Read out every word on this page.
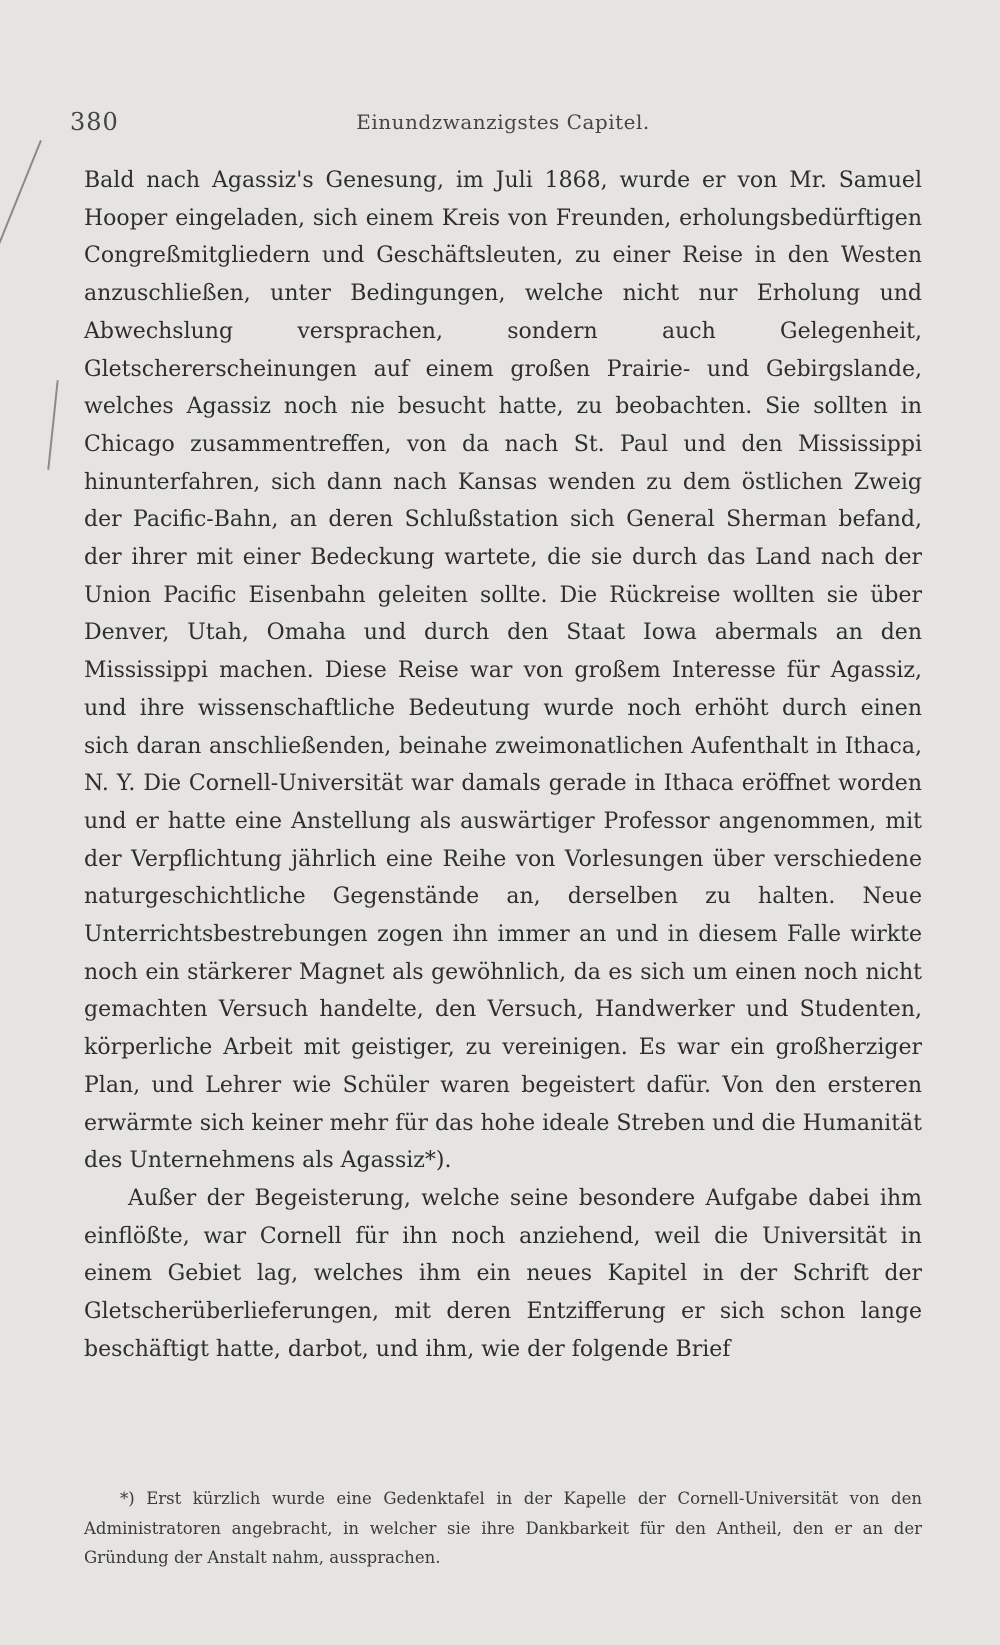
380	Einundzwanzigstes Capitel.

Bald nach Agassiz's Genesung, im Juli 1868, wurde er von Mr. Samuel Hooper eingeladen, sich einem Kreis von Freunden, erholungsbedürftigen Congreßmitgliedern und Geschäftsleuten, zu einer Reise in den Westen anzuschließen, unter Bedingungen, welche nicht nur Erholung und Abwechslung versprachen, sondern auch Gelegenheit, Gletschererscheinungen auf einem großen Prairie- und Gebirgslande, welches Agassiz noch nie besucht hatte, zu beobachten. Sie sollten in Chicago zusammentreffen, von da nach St. Paul und den Mississippi hinunterfahren, sich dann nach Kansas wenden zu dem östlichen Zweig der Pacific-Bahn, an deren Schlußstation sich General Sherman befand, der ihrer mit einer Bedeckung wartete, die sie durch das Land nach der Union Pacific Eisenbahn geleiten sollte. Die Rückreise wollten sie über Denver, Utah, Omaha und durch den Staat Iowa abermals an den Mississippi machen. Diese Reise war von großem Interesse für Agassiz, und ihre wissenschaftliche Bedeutung wurde noch erhöht durch einen sich daran anschließenden, beinahe zweimonatlichen Aufenthalt in Ithaca, N. Y. Die Cornell-Universität war damals gerade in Ithaca eröffnet worden und er hatte eine Anstellung als auswärtiger Professor angenommen, mit der Verpflichtung jährlich eine Reihe von Vorlesungen über verschiedene naturgeschichtliche Gegenstände an, derselben zu halten. Neue Unterrichtsbestrebungen zogen ihn immer an und in diesem Falle wirkte noch ein stärkerer Magnet als gewöhnlich, da es sich um einen noch nicht gemachten Versuch handelte, den Versuch, Handwerker und Studenten, körperliche Arbeit mit geistiger, zu vereinigen. Es war ein großherziger Plan, und Lehrer wie Schüler waren begeistert dafür. Von den ersteren erwärmte sich keiner mehr für das hohe ideale Streben und die Humanität des Unternehmens als Agassiz*).

Außer der Begeisterung, welche seine besondere Aufgabe dabei ihm einflößte, war Cornell für ihn noch anziehend, weil die Universität in einem Gebiet lag, welches ihm ein neues Kapitel in der Schrift der Gletscherüberlieferungen, mit deren Entzifferung er sich schon lange beschäftigt hatte, darbot, und ihm, wie der folgende Brief

*) Erst kürzlich wurde eine Gedenktafel in der Kapelle der Cornell-Universität von den Administratoren angebracht, in welcher sie ihre Dankbarkeit für den Antheil, den er an der Gründung der Anstalt nahm, aussprachen.
